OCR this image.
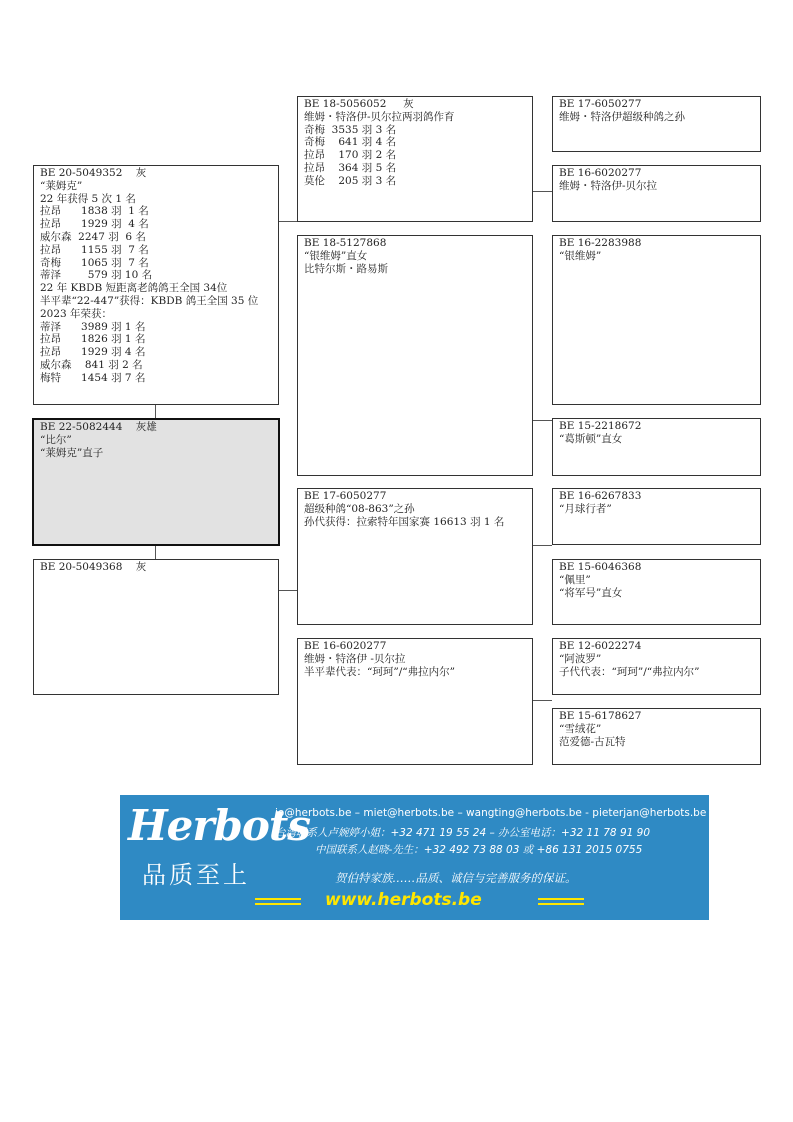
BE 20-5049352    灰
“莱姆克”
22 年获得 5 次 1 名
拉昂      1838 羽  1 名
拉昂      1929 羽  4 名
威尔森  2247 羽  6 名
拉昂      1155 羽  7 名
奇梅      1065 羽  7 名
蒂泽        579 羽 10 名
22 年 KBDB 短距离老鸽鸽王全国 34位
半平辈“22-447”获得：KBDB 鸽王全国 35 位
2023 年荣获：
蒂泽      3989 羽 1 名
拉昂      1826 羽 1 名
拉昂      1929 羽 4 名
威尔森    841 羽 2 名
梅特      1454 羽 7 名
BE 22-5082444    灰雄
“比尔”
“莱姆克”直子
BE 20-5049368    灰
BE 18-5056052     灰
维姆・特洛伊-贝尔拉两羽鸽作育
奇梅  3535 羽 3 名
奇梅    641 羽 4 名
拉昂    170 羽 2 名
拉昂    364 羽 5 名
莫伦    205 羽 3 名
BE 18-5127868
“银维姆”直女
比特尔斯・路易斯
BE 17-6050277
超级种鸽“08-863”之孙
孙代获得：拉索特年国家赛 16613 羽 1 名
BE 16-6020277
维姆・特洛伊 -贝尔拉
半平辈代表：“珂珂”/“弗拉内尔”
BE 17-6050277
维姆・特洛伊超级种鸽之孙
BE 16-6020277
维姆・特洛伊-贝尔拉
BE 16-2283988
“银维姆”
BE 15-2218672
“葛斯顿”直女
BE 16-6267833
“月球行者”
BE 15-6046368
“佩里”
“将军号”直女
BE 12-6022274
“阿波罗”
子代代表：“珂珂”/“弗拉内尔”
BE 15-6178627
“雪绒花”
范爱德-古瓦特
Herbots
品质至上
jo@herbots.be – miet@herbots.be – wangting@herbots.be - pieterjan@herbots.be
台湾联系人卢婉婷小姐：+32 471 19 55 24 – 办公室电话：+32 11 78 91 90
中国联系人赵晓-先生：+32 492 73 88 03 或 +86 131 2015 0755
贺伯特家族……品质、诚信与完善服务的保证。
www.herbots.be
